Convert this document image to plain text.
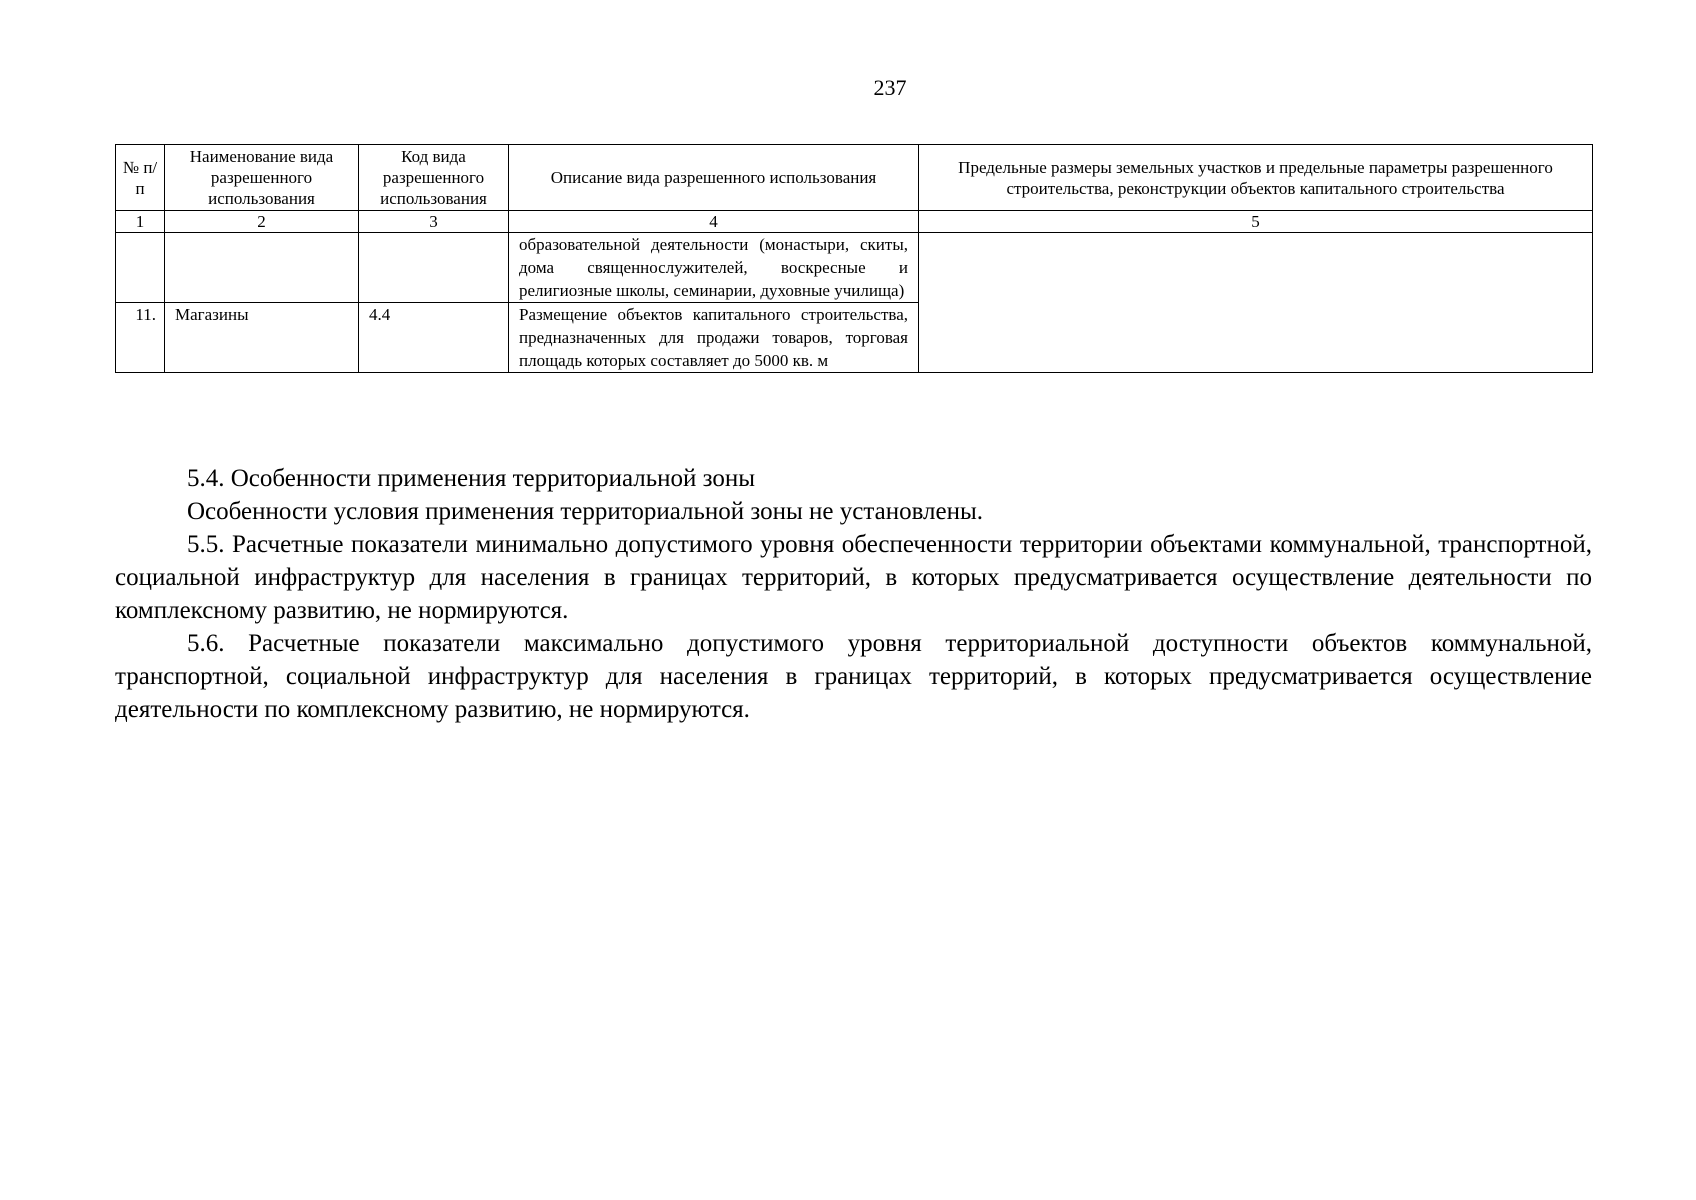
237
№ п/п	Наименование вида разрешенного использования	Код вида разрешенного использования	Описание вида разрешенного использования	Предельные размеры земельных участков и предельные параметры разрешенного строительства, реконструкции объектов капитального строительства
1	2	3	4	5
			образовательной деятельности (монастыри, скиты, дома священнослужителей, воскресные и религиозные школы, семинарии, духовные училища)	
11.	Магазины	4.4	Размещение объектов капитального строительства, предназначенных для продажи товаров, торговая площадь которых составляет до 5000 кв. м	

5.4. Особенности применения территориальной зоны

Особенности условия применения территориальной зоны не установлены.

5.5. Расчетные показатели минимально допустимого уровня обеспеченности территории объектами коммунальной, транспортной, социальной инфраструктур для населения в границах территорий, в которых предусматривается осуществление деятельности по комплексному развитию, не нормируются.

5.6. Расчетные показатели максимально допустимого уровня территориальной доступности объектов коммунальной, транспортной, социальной инфраструктур для населения в границах территорий, в которых предусматривается осуществление деятельности по комплексному развитию, не нормируются.
